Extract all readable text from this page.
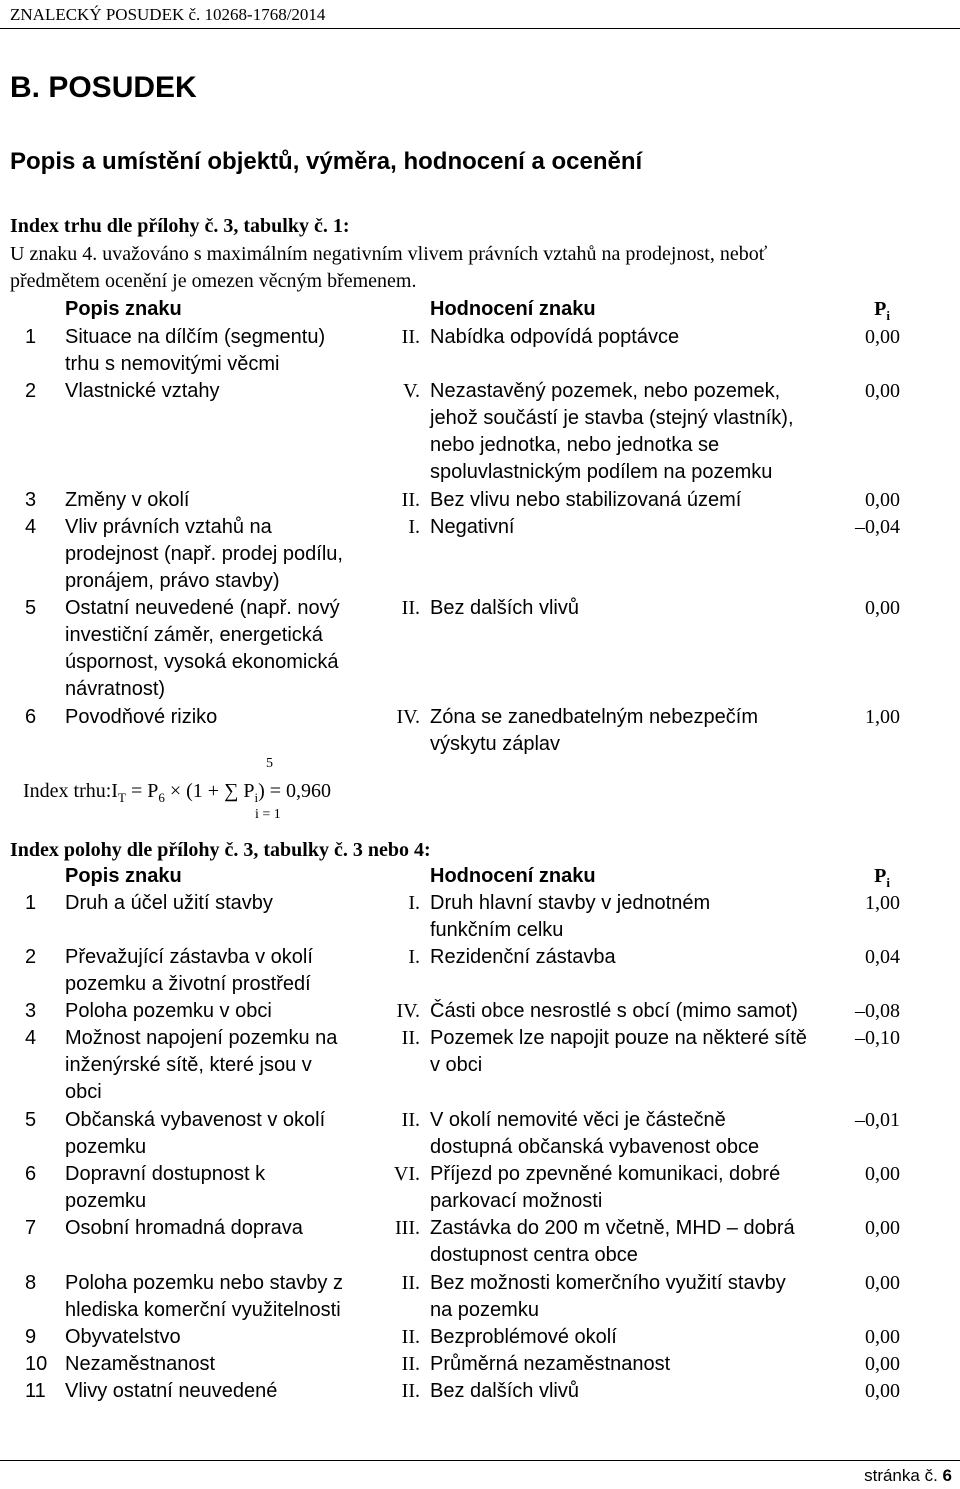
ZNALECKÝ POSUDEK č. 10268-1768/2014
B. POSUDEK
Popis a umístění objektů, výměra, hodnocení a ocenění
Index trhu dle přílohy č. 3, tabulky č. 1:
U znaku 4. uvažováno s maximálním negativním vlivem právních vztahů na prodejnost, neboť
předmětem ocenění je omezen věcným břemenem.
Popis znaku	Hodnocení znaku	$P_i$
1 Situace na dílčím (segmentu)
trhu s nemovitými věcmi
II. Nabídka odpovídá poptávce	0,00
2 Vlastnické vztahy	V. Nezastavěný pozemek, nebo pozemek,
jehož součástí je stavba (stejný vlastník),
nebo jednotka, nebo jednotka se
spoluvlastnickým podílem na pozemku
0,00
3 Změny v okolí	II. Bez vlivu nebo stabilizovaná území	0,00
4 Vliv právních vztahů na
prodejnost (např. prodej podílu,
pronájem, právo stavby)
I. Negativní	–0,04
5 Ostatní neuvedené (např. nový
investiční záměr, energetická
úspornost, vysoká ekonomická
návratnost)
II. Bez dalších vlivů	0,00
6 Povodňové riziko	IV. Zóna se zanedbatelným nebezpečím
výskytu záplav
1,00
5
Index $trhu:I_T = P_6 \times (1$ + ∑ $P_i) = 0,960$
i = 1
Index polohy dle přílohy č. 3, tabulky č. 3 nebo 4:
Popis znaku	Hodnocení znaku	$P_i$
1 Druh a účel užití stavby	I. Druh hlavní stavby v jednotném
funkčním celku
1,00
2 Převažující zástavba v okolí
pozemku a životní prostředí
I. Rezidenční zástavba	0,04
3 Poloha pozemku v obci	IV. Části obce nesrostlé s obcí (mimo samot)	–0,08
4 Možnost napojení pozemku na
inženýrské sítě, které jsou v
obci
II. Pozemek lze napojit pouze na některé sítě
v obci
–0,10
5 Občanská vybavenost v okolí
pozemku
II. V okolí nemovité věci je částečně
dostupná občanská vybavenost obce
–0,01
6 Dopravní dostupnost k
pozemku
VI. Příjezd po zpevněné komunikaci, dobré
parkovací možnosti
0,00
7 Osobní hromadná doprava	III. Zastávka do 200 m včetně, MHD – dobrá
dostupnost centra obce
0,00
8 Poloha pozemku nebo stavby z
hlediska komerční využitelnosti
II. Bez možnosti komerčního využití stavby
na pozemku
0,00
9 Obyvatelstvo	II. Bezproblémové okolí	0,00
10 Nezaměstnanost	II. Průměrná nezaměstnanost	0,00
11 Vlivy ostatní neuvedené	II. Bez dalších vlivů	0,00
stránka č. 6
